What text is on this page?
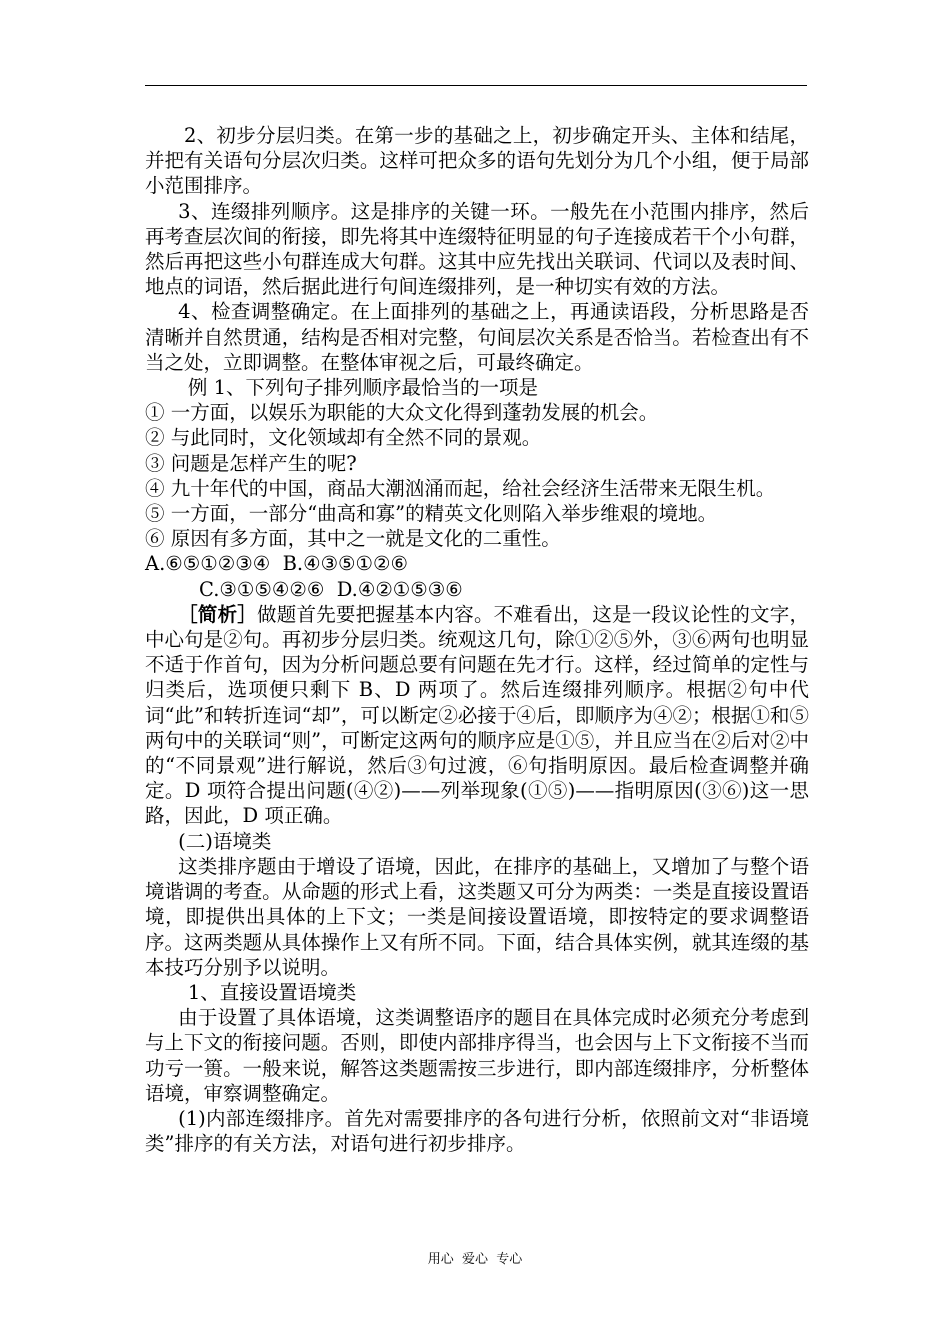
2、初步分层归类。在第一步的基础之上，初步确定开头、主体和结尾，并把有关语句分层次归类。这样可把众多的语句先划分为几个小组，便于局部小范围排序。

3、连缀排列顺序。这是排序的关键一环。一般先在小范围内排序，然后再考查层次间的衔接，即先将其中连缀特征明显的句子连接成若干个小句群，然后再把这些小句群连成大句群。这其中应先找出关联词、代词以及表时间、地点的词语，然后据此进行句间连缀排列，是一种切实有效的方法。

4、检查调整确定。在上面排列的基础之上，再通读语段，分析思路是否清晰并自然贯通，结构是否相对完整，句间层次关系是否恰当。若检查出有不当之处，立即调整。在整体审视之后，可最终确定。

例 1、下列句子排列顺序最恰当的一项是

① 一方面，以娱乐为职能的大众文化得到蓬勃发展的机会。

② 与此同时，文化领域却有全然不同的景观。

③ 问题是怎样产生的呢?

④ 九十年代的中国，商品大潮汹涌而起，给社会经济生活带来无限生机。

⑤ 一方面，一部分“曲高和寡”的精英文化则陷入举步维艰的境地。

⑥ 原因有多方面，其中之一就是文化的二重性。

A.⑥⑤①②③④  B.④③⑤①②⑥

C.③①⑤④②⑥  D.④②①⑤③⑥

［简析］做题首先要把握基本内容。不难看出，这是一段议论性的文字，中心句是②句。再初步分层归类。统观这几句，除①②⑤外，③⑥两句也明显不适于作首句，因为分析问题总要有问题在先才行。这样，经过简单的定性与归类后，选项便只剩下 B、D 两项了。然后连缀排列顺序。根据②句中代词“此”和转折连词“却”，可以断定②必接于④后，即顺序为④②；根据①和⑤两句中的关联词“则”，可断定这两句的顺序应是①⑤，并且应当在②后对②中的“不同景观”进行解说，然后③句过渡，⑥句指明原因。最后检查调整并确定。D 项符合提出问题(④②)——列举现象(①⑤)——指明原因(③⑥)这一思路，因此，D 项正确。

(二)语境类

这类排序题由于增设了语境，因此，在排序的基础上，又增加了与整个语境谐调的考查。从命题的形式上看，这类题又可分为两类：一类是直接设置语境，即提供出具体的上下文；一类是间接设置语境，即按特定的要求调整语序。这两类题从具体操作上又有所不同。下面，结合具体实例，就其连缀的基本技巧分别予以说明。

1、直接设置语境类

由于设置了具体语境，这类调整语序的题目在具体完成时必须充分考虑到与上下文的衔接问题。否则，即使内部排序得当，也会因与上下文衔接不当而功亏一篑。一般来说，解答这类题需按三步进行，即内部连缀排序，分析整体语境，审察调整确定。

(1)内部连缀排序。首先对需要排序的各句进行分析，依照前文对“非语境类”排序的有关方法，对语句进行初步排序。

用心  爱心  专心
